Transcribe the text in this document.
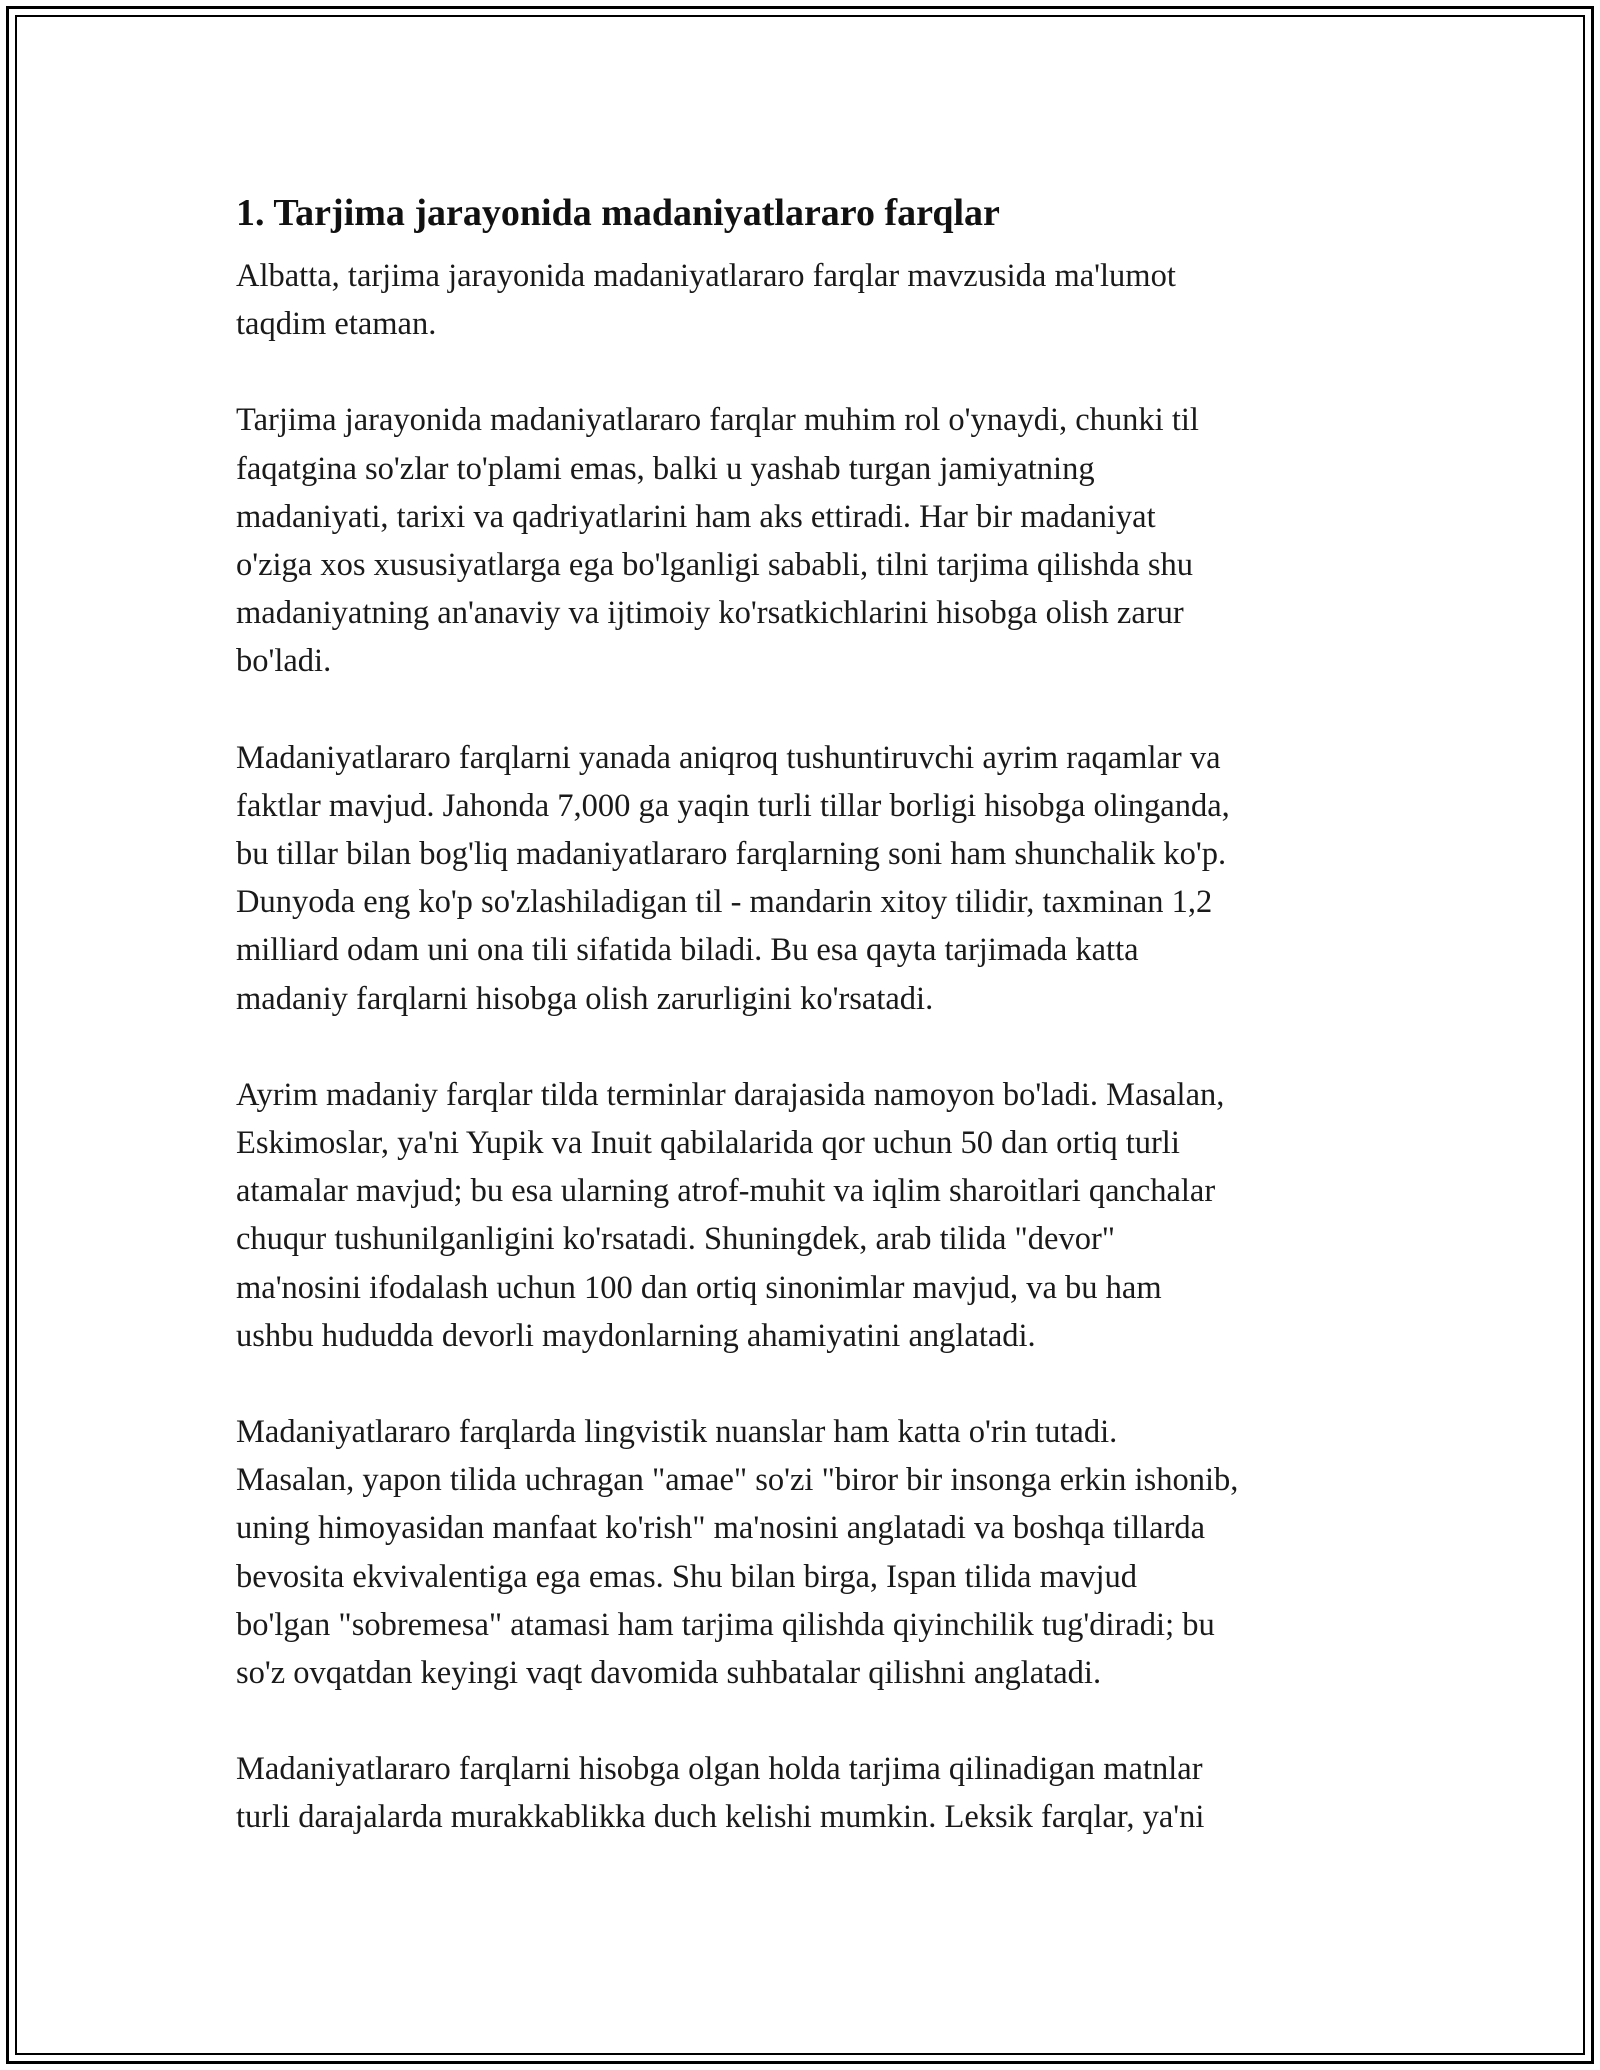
1. Tarjima jarayonida madaniyatlararo farqlar
Albatta, tarjima jarayonida madaniyatlararo farqlar mavzusida ma'lumot
taqdim etaman.
Tarjima jarayonida madaniyatlararo farqlar muhim rol o'ynaydi, chunki til
faqatgina so'zlar to'plami emas, balki u yashab turgan jamiyatning
madaniyati, tarixi va qadriyatlarini ham aks ettiradi. Har bir madaniyat
o'ziga xos xususiyatlarga ega bo'lganligi sababli, tilni tarjima qilishda shu
madaniyatning an'anaviy va ijtimoiy ko'rsatkichlarini hisobga olish zarur
bo'ladi.
Madaniyatlararo farqlarni yanada aniqroq tushuntiruvchi ayrim raqamlar va
faktlar mavjud. Jahonda 7,000 ga yaqin turli tillar borligi hisobga olinganda,
bu tillar bilan bog'liq madaniyatlararo farqlarning soni ham shunchalik ko'p.
Dunyoda eng ko'p so'zlashiladigan til - mandarin xitoy tilidir, taxminan 1,2
milliard odam uni ona tili sifatida biladi. Bu esa qayta tarjimada katta
madaniy farqlarni hisobga olish zarurligini ko'rsatadi.
Ayrim madaniy farqlar tilda terminlar darajasida namoyon bo'ladi. Masalan,
Eskimoslar, ya'ni Yupik va Inuit qabilalarida qor uchun 50 dan ortiq turli
atamalar mavjud; bu esa ularning atrof-muhit va iqlim sharoitlari qanchalar
chuqur tushunilganligini ko'rsatadi. Shuningdek, arab tilida "devor"
ma'nosini ifodalash uchun 100 dan ortiq sinonimlar mavjud, va bu ham
ushbu hududda devorli maydonlarning ahamiyatini anglatadi.
Madaniyatlararo farqlarda lingvistik nuanslar ham katta o'rin tutadi.
Masalan, yapon tilida uchragan "amae" so'zi "biror bir insonga erkin ishonib,
uning himoyasidan manfaat ko'rish" ma'nosini anglatadi va boshqa tillarda
bevosita ekvivalentiga ega emas. Shu bilan birga, Ispan tilida mavjud
bo'lgan "sobremesa" atamasi ham tarjima qilishda qiyinchilik tug'diradi; bu
so'z ovqatdan keyingi vaqt davomida suhbatalar qilishni anglatadi.
Madaniyatlararo farqlarni hisobga olgan holda tarjima qilinadigan matnlar
turli darajalarda murakkablikka duch kelishi mumkin. Leksik farqlar, ya'ni
